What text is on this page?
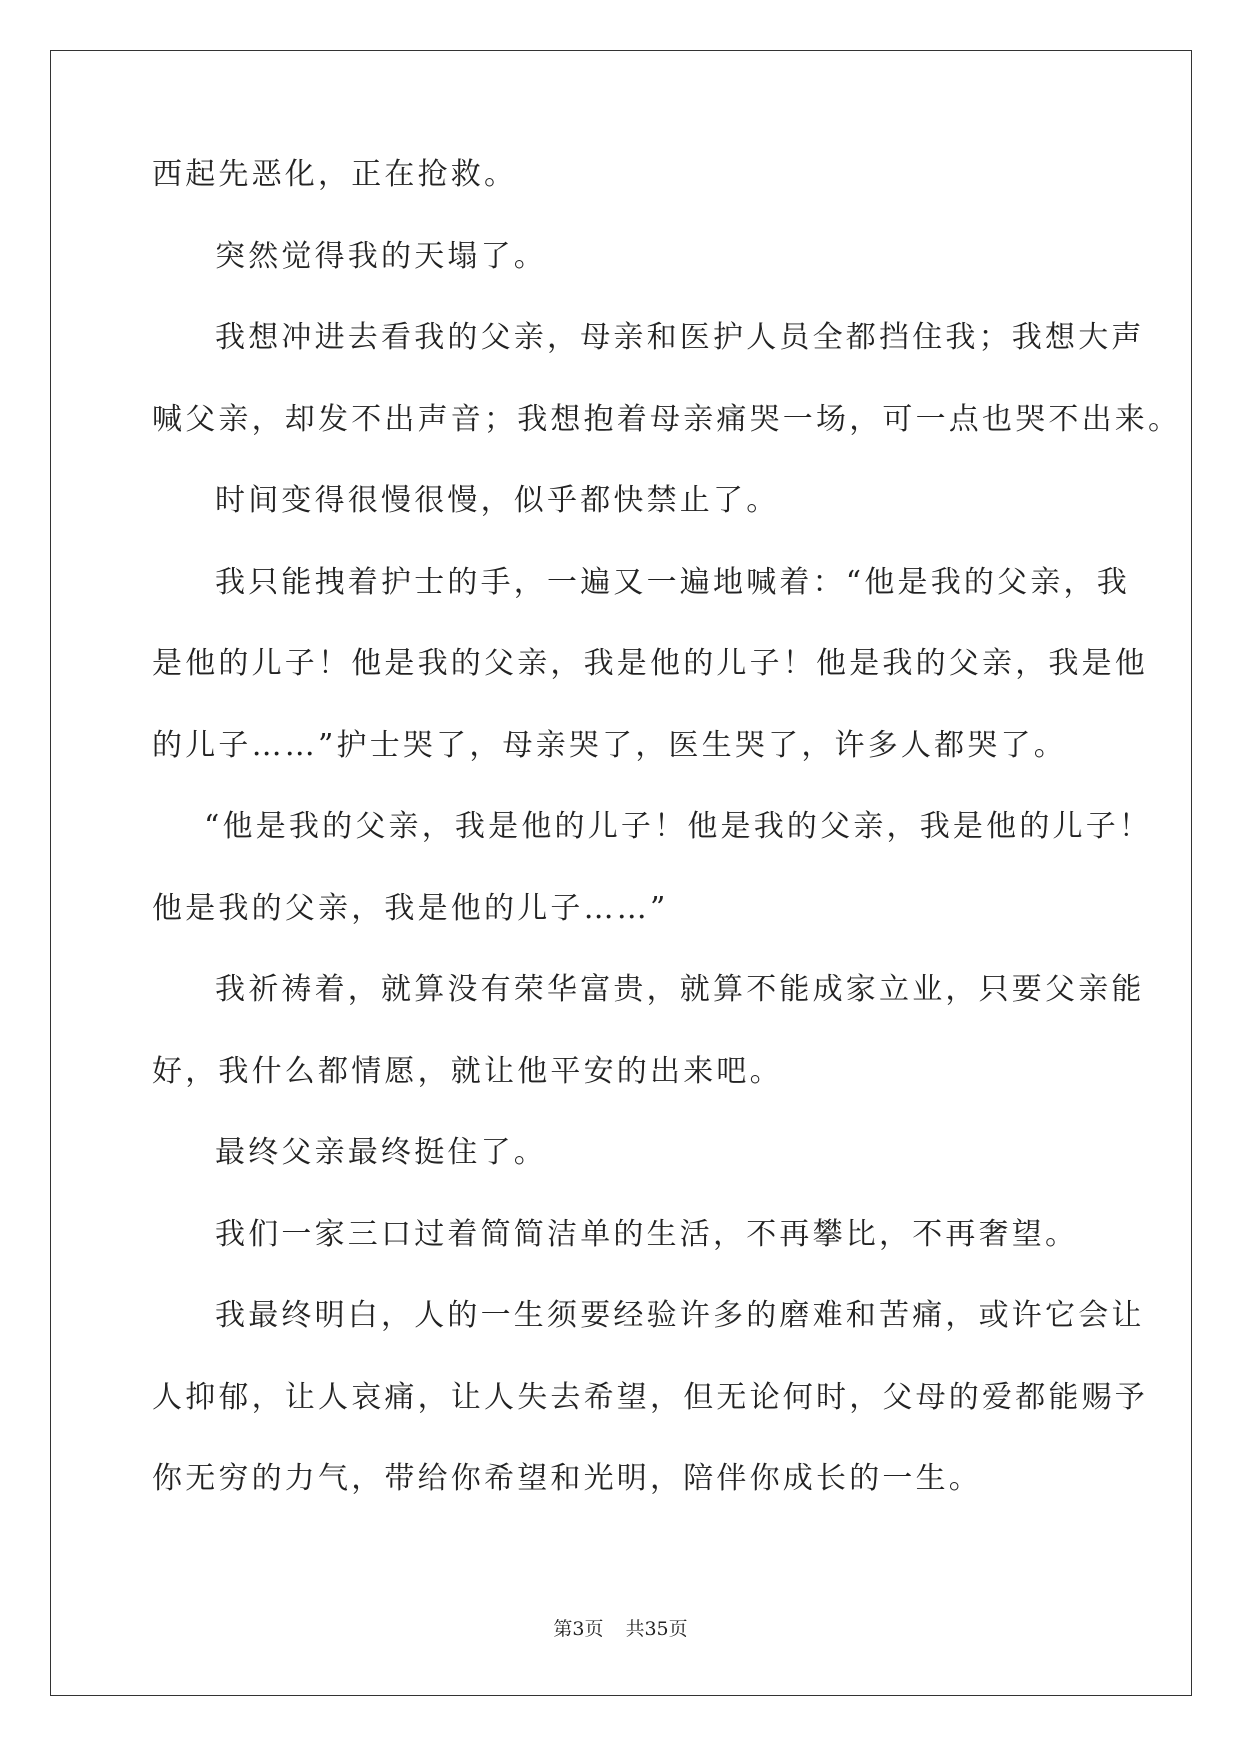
西起先恶化，正在抢救。
突然觉得我的天塌了。
我想冲进去看我的父亲，母亲和医护人员全都挡住我；我想大声
喊父亲，却发不出声音；我想抱着母亲痛哭一场，可一点也哭不出来。
时间变得很慢很慢，似乎都快禁止了。
我只能拽着护士的手，一遍又一遍地喊着：“他是我的父亲，我
是他的儿子！他是我的父亲，我是他的儿子！他是我的父亲，我是他
的儿子……”护士哭了，母亲哭了，医生哭了，许多人都哭了。
“他是我的父亲，我是他的儿子！他是我的父亲，我是他的儿子！
他是我的父亲，我是他的儿子……”
我祈祷着，就算没有荣华富贵，就算不能成家立业，只要父亲能
好，我什么都情愿，就让他平安的出来吧。
最终父亲最终挺住了。
我们一家三口过着简简洁单的生活，不再攀比，不再奢望。
我最终明白，人的一生须要经验许多的磨难和苦痛，或许它会让
人抑郁，让人哀痛，让人失去希望，但无论何时，父母的爱都能赐予
你无穷的力气，带给你希望和光明，陪伴你成长的一生。
第3页 共35页
